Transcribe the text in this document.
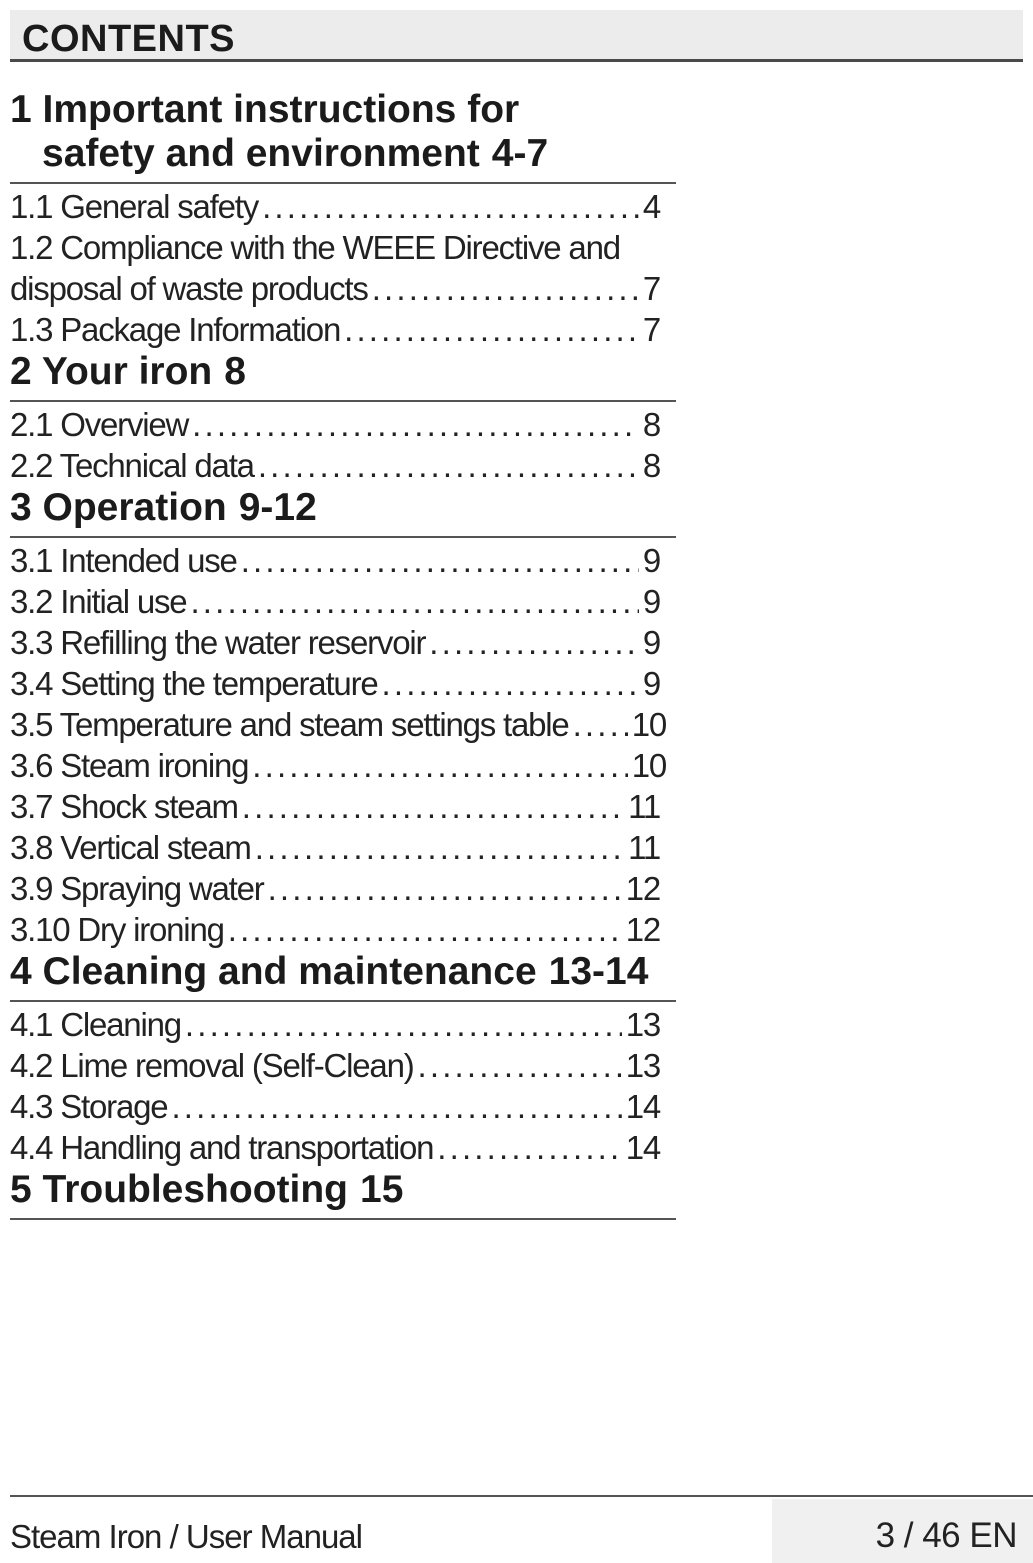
CONTENTS
1 Important instructions for
safety and environment 4-7
1.1 General safety . . .	4
1.2 Compliance with the WEEE Directive and
disposal of waste products . . .	7
1.3 Package Information . . .	7
2 Your iron 8
2.1 Overview . . .	8
2.2 Technical data . . .	8
3 Operation 9-12
3.1 Intended use . . .	9
3.2 Initial use . . .	9
3.3 Refilling the water reservoir . . .	9
3.4 Setting the temperature . . .	9
3.5 Temperature and steam settings table . . . 10
3.6 Steam ironing . . .	10
3.7 Shock steam . . .	11
3.8 Vertical steam . . .	11
3.9 Spraying water . . .	12
3.10 Dry ironing . . .	12
4 Cleaning and maintenance 13-14
4.1 Cleaning . . .	13
4.2 Lime removal (Self-Clean) . . .	13
4.3 Storage . . .	14
4.4 Handling and transportation . . .	14
5 Troubleshooting 15
Steam Iron / User Manual	3 / 46 EN
